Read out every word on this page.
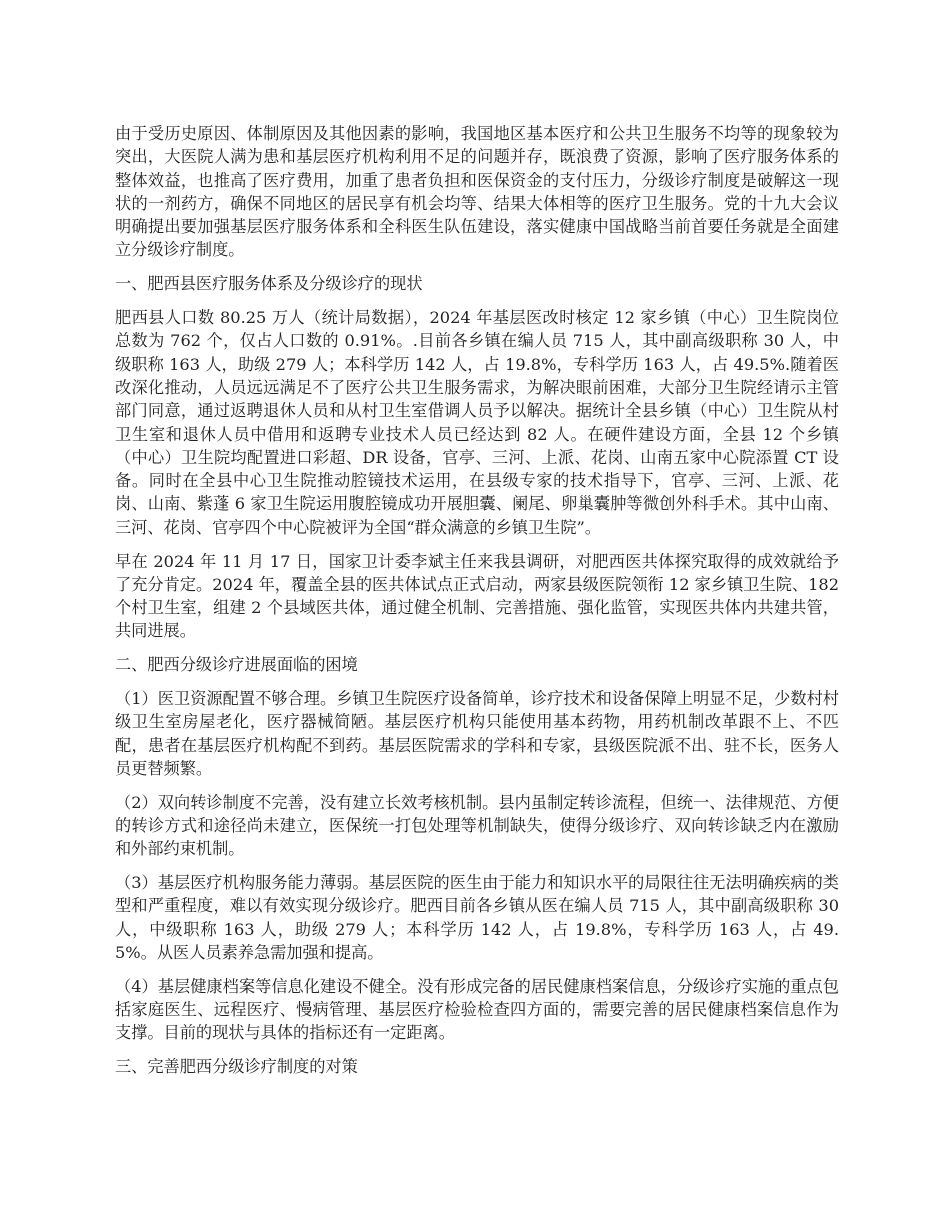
由于受历史原因、体制原因及其他因素的影响，我国地区基本医疗和公共卫生服务不均等的现象较为突出，大医院人满为患和基层医疗机构利用不足的问题并存，既浪费了资源，影响了医疗服务体系的整体效益，也推高了医疗费用，加重了患者负担和医保资金的支付压力，分级诊疗制度是破解这一现状的一剂药方，确保不同地区的居民享有机会均等、结果大体相等的医疗卫生服务。党的十九大会议明确提出要加强基层医疗服务体系和全科医生队伍建设，落实健康中国战略当前首要任务就是全面建立分级诊疗制度。

一、肥西县医疗服务体系及分级诊疗的现状

肥西县人口数 80.25 万人（统计局数据），2024 年基层医改时核定 12 家乡镇（中心）卫生院岗位总数为 762 个，仅占人口数的 0.91%。.目前各乡镇在编人员 715 人，其中副高级职称 30 人，中级职称 163 人，助级 279 人；本科学历 142 人，占 19.8%，专科学历 163 人，占 49.5%.随着医改深化推动，人员远远满足不了医疗公共卫生服务需求，为解决眼前困难，大部分卫生院经请示主管部门同意，通过返聘退休人员和从村卫生室借调人员予以解决。据统计全县乡镇（中心）卫生院从村卫生室和退休人员中借用和返聘专业技术人员已经达到 82 人。在硬件建设方面，全县 12 个乡镇（中心）卫生院均配置进口彩超、DR 设备，官亭、三河、上派、花岗、山南五家中心院添置 CT 设备。同时在全县中心卫生院推动腔镜技术运用，在县级专家的技术指导下，官亭、三河、上派、花岗、山南、紫蓬 6 家卫生院运用腹腔镜成功开展胆囊、阑尾、卵巢囊肿等微创外科手术。其中山南、三河、花岗、官亭四个中心院被评为全国“群众满意的乡镇卫生院”。

早在 2024 年 11 月 17 日，国家卫计委李斌主任来我县调研，对肥西医共体探究取得的成效就给予了充分肯定。2024 年，覆盖全县的医共体试点正式启动，两家县级医院领衔 12 家乡镇卫生院、182 个村卫生室，组建 2 个县域医共体，通过健全机制、完善措施、强化监管，实现医共体内共建共管，共同进展。

二、肥西分级诊疗进展面临的困境

（1）医卫资源配置不够合理。乡镇卫生院医疗设备简单，诊疗技术和设备保障上明显不足，少数村村级卫生室房屋老化，医疗器械简陋。基层医疗机构只能使用基本药物，用药机制改革跟不上、不匹配，患者在基层医疗机构配不到药。基层医院需求的学科和专家，县级医院派不出、驻不长，医务人员更替频繁。

（2）双向转诊制度不完善，没有建立长效考核机制。县内虽制定转诊流程，但统一、法律规范、方便的转诊方式和途径尚未建立，医保统一打包处理等机制缺失，使得分级诊疗、双向转诊缺乏内在激励和外部约束机制。

（3）基层医疗机构服务能力薄弱。基层医院的医生由于能力和知识水平的局限往往无法明确疾病的类型和严重程度，难以有效实现分级诊疗。肥西目前各乡镇从医在编人员 715 人，其中副高级职称 30 人，中级职称 163 人，助级 279 人；本科学历 142 人，占 19.8%，专科学历 163 人，占 49.5%。从医人员素养急需加强和提高。

（4）基层健康档案等信息化建设不健全。没有形成完备的居民健康档案信息，分级诊疗实施的重点包括家庭医生、远程医疗、慢病管理、基层医疗检验检查四方面的，需要完善的居民健康档案信息作为支撑。目前的现状与具体的指标还有一定距离。

三、完善肥西分级诊疗制度的对策
